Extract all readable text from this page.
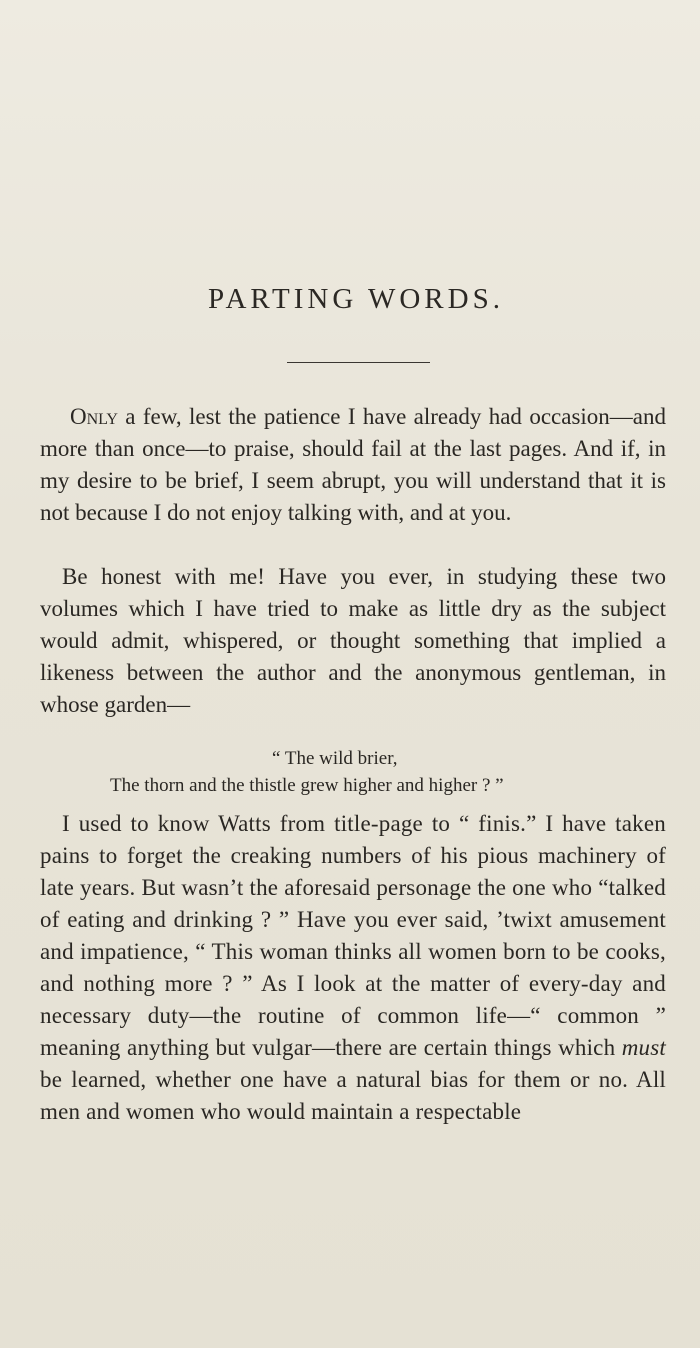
PARTING WORDS.

Only a few, lest the patience I have already had occasion—and more than once—to praise, should fail at the last pages. And if, in my desire to be brief, I seem abrupt, you will understand that it is not because I do not enjoy talking with, and at you.

Be honest with me! Have you ever, in studying these two volumes which I have tried to make as little dry as the subject would admit, whispered, or thought something that implied a likeness between the author and the anonymous gentleman, in whose garden—

“ The wild brier,
The thorn and the thistle grew higher and higher ? ”

I used to know Watts from title-page to “ finis.” I have taken pains to forget the creaking numbers of his pious machinery of late years. But wasn’t the aforesaid personage the one who “talked of eating and drinking ? ” Have you ever said, ’twixt amusement and impatience, “ This woman thinks all women born to be cooks, and nothing more ? ” As I look at the matter of every-day and necessary duty—the routine of common life—“ common ” meaning anything but vulgar—there are certain things which must be learned, whether one have a natural bias for them or no. All men and women who would maintain a respectable
